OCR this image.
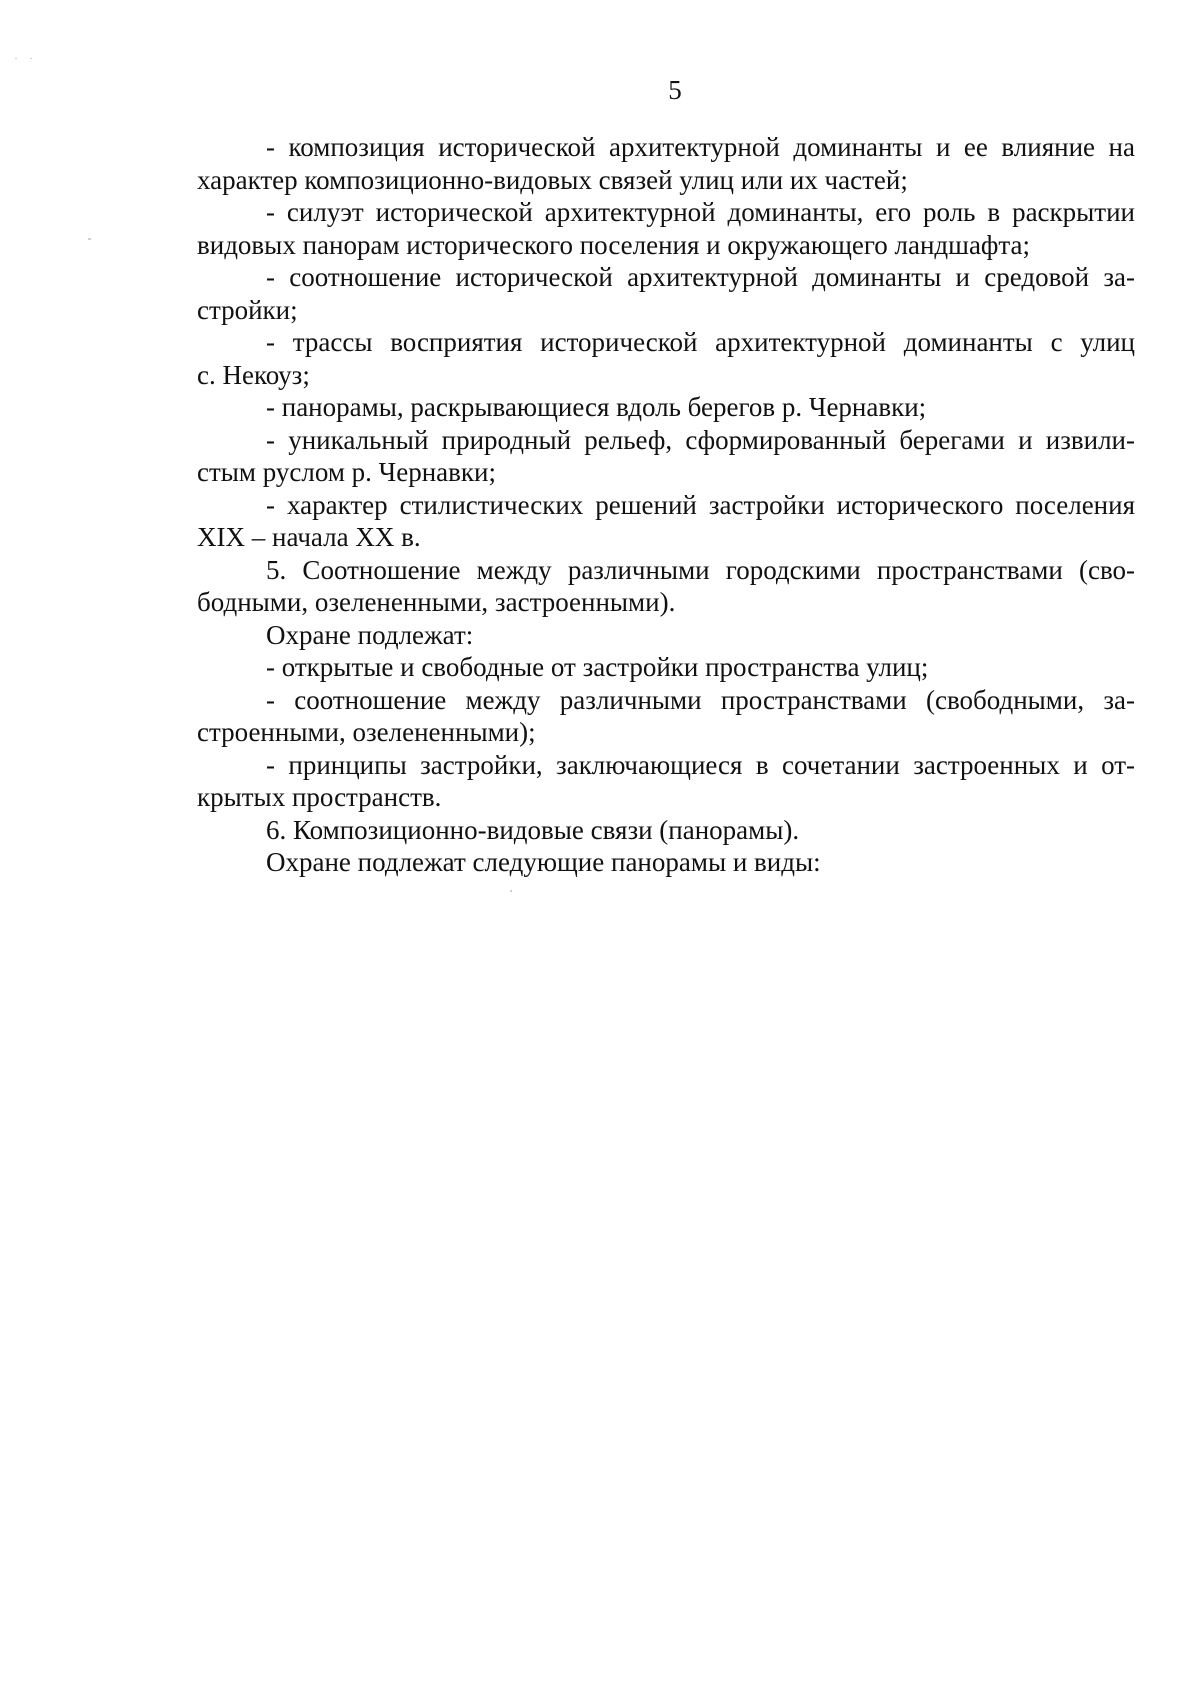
5
- композиция исторической архитектурной доминанты и ее влияние на
характер композиционно-видовых связей улиц или их частей;
- силуэт исторической архитектурной доминанты, его роль в раскрытии
видовых панорам исторического поселения и окружающего ландшафта;
- соотношение исторической архитектурной доминанты и средовой за-
стройки;
- трассы восприятия исторической архитектурной доминанты с улиц
с. Некоуз;
- панорамы, раскрывающиеся вдоль берегов р. Чернавки;
- уникальный природный рельеф, сформированный берегами и извили-
стым руслом р. Чернавки;
- характер стилистических решений застройки исторического поселения
XIX – начала XX в.
5. Соотношение между различными городскими пространствами (сво-
бодными, озелененными, застроенными).
Охране подлежат:
- открытые и свободные от застройки пространства улиц;
- соотношение между различными пространствами (свободными, за-
строенными, озелененными);
- принципы застройки, заключающиеся в сочетании застроенных и от-
крытых пространств.
6. Композиционно-видовые связи (панорамы).
Охране подлежат следующие панорамы и виды:
